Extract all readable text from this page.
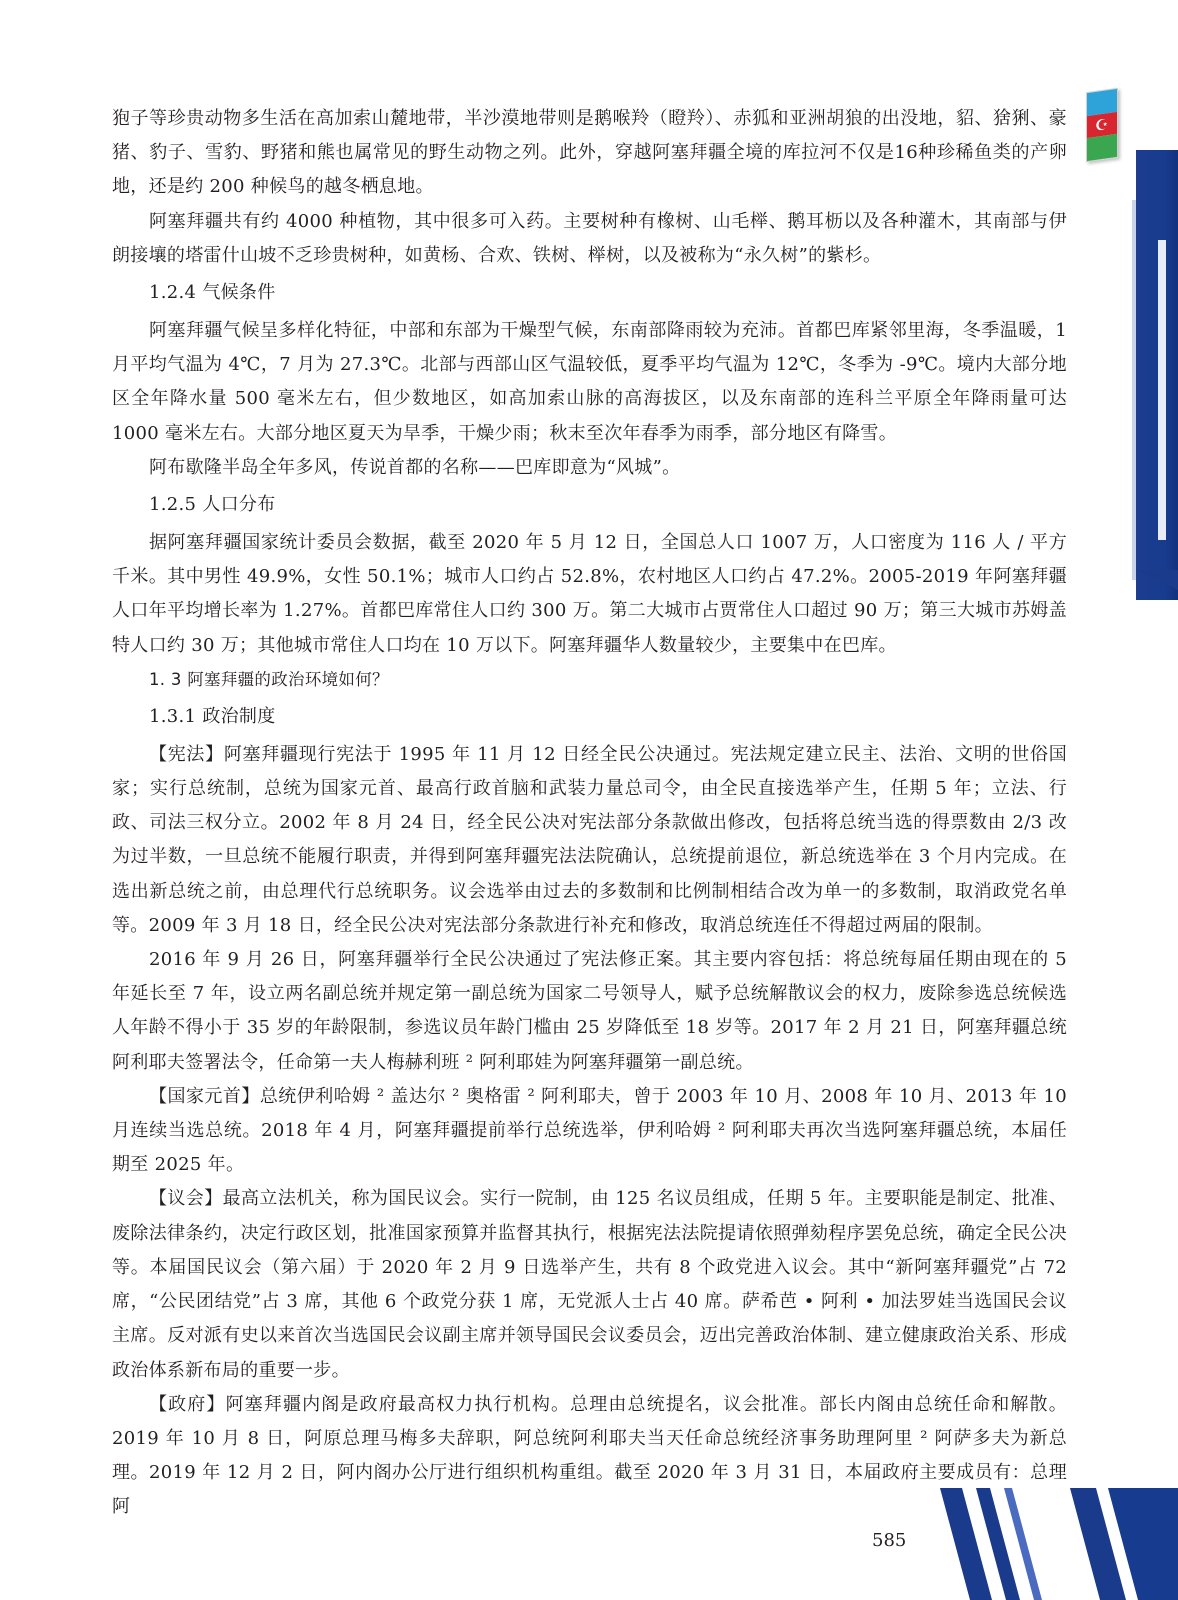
☪

狍子等珍贵动物多生活在高加索山麓地带，半沙漠地带则是鹅喉羚（瞪羚）、赤狐和亚洲胡狼的出没地，貂、猞猁、豪猪、豹子、雪豹、野猪和熊也属常见的野生动物之列。此外，穿越阿塞拜疆全境的库拉河不仅是16种珍稀鱼类的产卵地，还是约 200 种候鸟的越冬栖息地。

阿塞拜疆共有约 4000 种植物，其中很多可入药。主要树种有橡树、山毛榉、鹅耳枥以及各种灌木，其南部与伊朗接壤的塔雷什山坡不乏珍贵树种，如黄杨、合欢、铁树、榉树，以及被称为“永久树”的紫杉。

1.2.4 气候条件

阿塞拜疆气候呈多样化特征，中部和东部为干燥型气候，东南部降雨较为充沛。首都巴库紧邻里海，冬季温暖，1 月平均气温为 4℃，7 月为 27.3℃。北部与西部山区气温较低，夏季平均气温为 12℃，冬季为 -9℃。境内大部分地区全年降水量 500 毫米左右，但少数地区，如高加索山脉的高海拔区，以及东南部的连科兰平原全年降雨量可达 1000 毫米左右。大部分地区夏天为旱季，干燥少雨；秋末至次年春季为雨季，部分地区有降雪。

阿布歇隆半岛全年多风，传说首都的名称——巴库即意为“风城”。

1.2.5 人口分布

据阿塞拜疆国家统计委员会数据，截至 2020 年 5 月 12 日，全国总人口 1007 万，人口密度为 116 人 / 平方千米。其中男性 49.9%，女性 50.1%；城市人口约占 52.8%，农村地区人口约占 47.2%。2005-2019 年阿塞拜疆人口年平均增长率为 1.27%。首都巴库常住人口约 300 万。第二大城市占贾常住人口超过 90 万；第三大城市苏姆盖特人口约 30 万；其他城市常住人口均在 10 万以下。阿塞拜疆华人数量较少，主要集中在巴库。

1. 3 阿塞拜疆的政治环境如何？

1.3.1 政治制度

【宪法】阿塞拜疆现行宪法于 1995 年 11 月 12 日经全民公决通过。宪法规定建立民主、法治、文明的世俗国家；实行总统制，总统为国家元首、最高行政首脑和武装力量总司令，由全民直接选举产生，任期 5 年；立法、行政、司法三权分立。2002 年 8 月 24 日，经全民公决对宪法部分条款做出修改，包括将总统当选的得票数由 2/3 改为过半数，一旦总统不能履行职责，并得到阿塞拜疆宪法法院确认，总统提前退位，新总统选举在 3 个月内完成。在选出新总统之前，由总理代行总统职务。议会选举由过去的多数制和比例制相结合改为单一的多数制，取消政党名单等。2009 年 3 月 18 日，经全民公决对宪法部分条款进行补充和修改，取消总统连任不得超过两届的限制。

2016 年 9 月 26 日，阿塞拜疆举行全民公决通过了宪法修正案。其主要内容包括：将总统每届任期由现在的 5 年延长至 7 年，设立两名副总统并规定第一副总统为国家二号领导人，赋予总统解散议会的权力，废除参选总统候选人年龄不得小于 35 岁的年龄限制，参选议员年龄门槛由 25 岁降低至 18 岁等。2017 年 2 月 21 日，阿塞拜疆总统阿利耶夫签署法令，任命第一夫人梅赫利班 ² 阿利耶娃为阿塞拜疆第一副总统。

【国家元首】总统伊利哈姆 ² 盖达尔 ² 奥格雷 ² 阿利耶夫，曾于 2003 年 10 月、2008 年 10 月、2013 年 10 月连续当选总统。2018 年 4 月，阿塞拜疆提前举行总统选举，伊利哈姆 ² 阿利耶夫再次当选阿塞拜疆总统，本届任期至 2025 年。

【议会】最高立法机关，称为国民议会。实行一院制，由 125 名议员组成，任期 5 年。主要职能是制定、批准、废除法律条约，决定行政区划，批准国家预算并监督其执行，根据宪法法院提请依照弹劾程序罢免总统，确定全民公决等。本届国民议会（第六届）于 2020 年 2 月 9 日选举产生，共有 8 个政党进入议会。其中“新阿塞拜疆党”占 72 席，“公民团结党”占 3 席，其他 6 个政党分获 1 席，无党派人士占 40 席。萨希芭 • 阿利 • 加法罗娃当选国民会议主席。反对派有史以来首次当选国民会议副主席并领导国民会议委员会，迈出完善政治体制、建立健康政治关系、形成政治体系新布局的重要一步。

【政府】阿塞拜疆内阁是政府最高权力执行机构。总理由总统提名，议会批准。部长内阁由总统任命和解散。2019 年 10 月 8 日，阿原总理马梅多夫辞职，阿总统阿利耶夫当天任命总统经济事务助理阿里 ² 阿萨多夫为新总理。2019 年 12 月 2 日，阿内阁办公厅进行组织机构重组。截至 2020 年 3 月 31 日，本届政府主要成员有：总理阿

585
